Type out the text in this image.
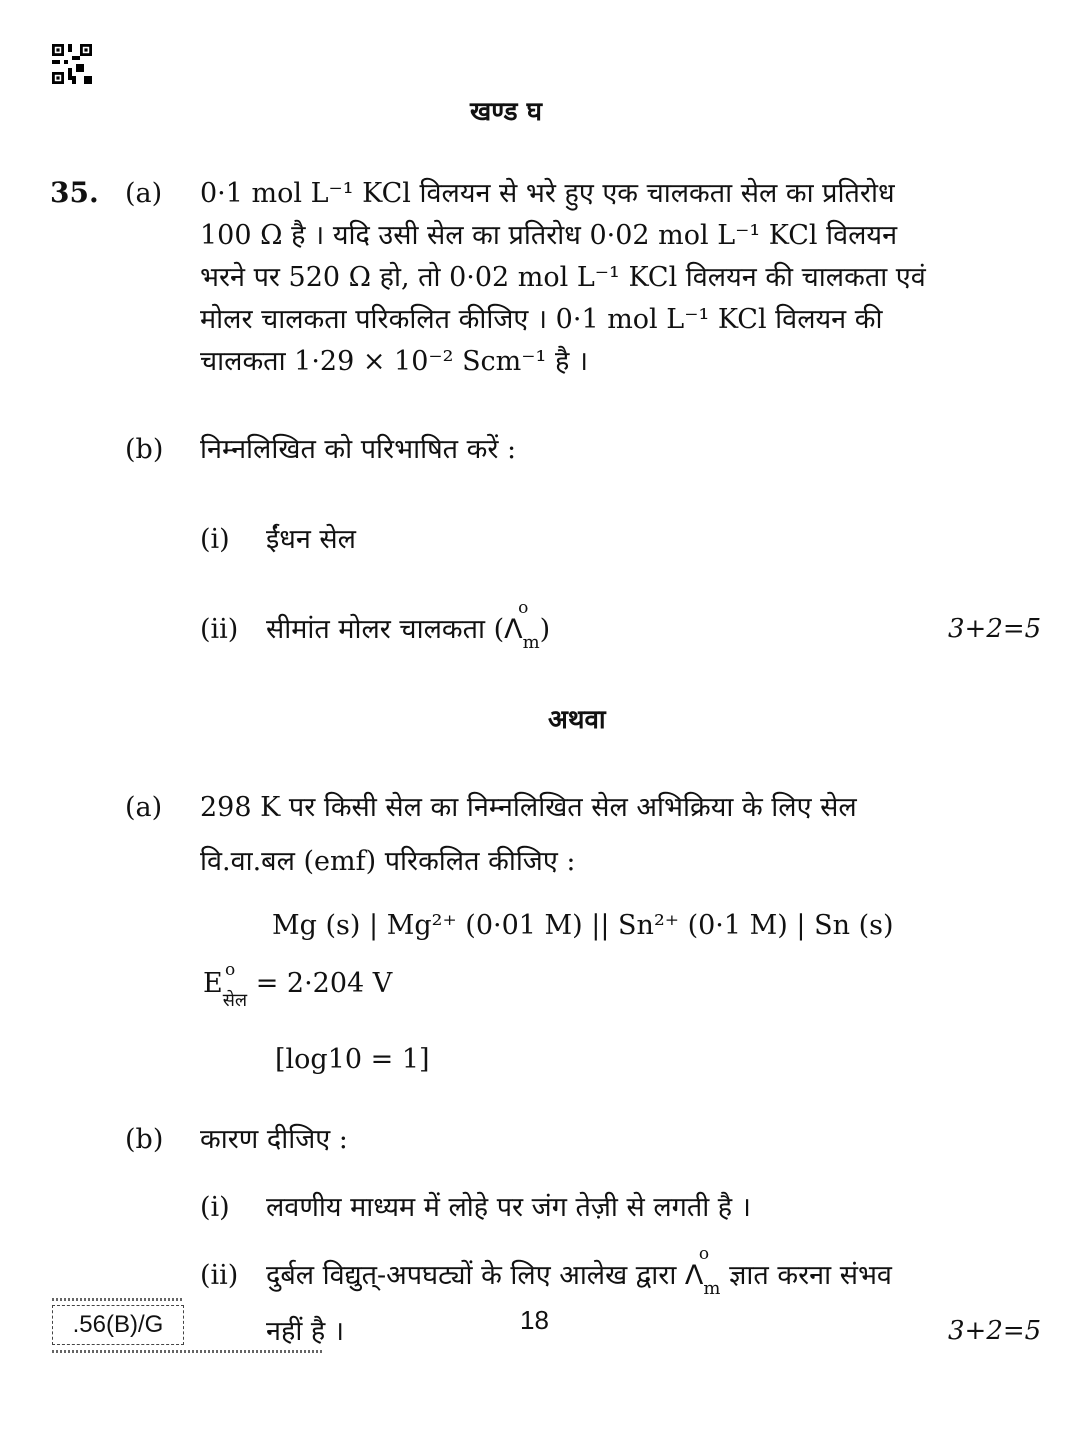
खण्ड घ
35. (a) 0·1 mol L⁻¹ KCl विलयन से भरे हुए एक चालकता सेल का प्रतिरोध
100 Ω है । यदि उसी सेल का प्रतिरोध 0·02 mol L⁻¹ KCl विलयन
भरने पर 520 Ω हो, तो 0·02 mol L⁻¹ KCl विलयन की चालकता एवं
मोलर चालकता परिकलित कीजिए । 0·1 mol L⁻¹ KCl विलयन की
चालकता 1·29 × 10⁻² Scm⁻¹ है ।
(b) निम्नलिखित को परिभाषित करें :
(i) ईंधन सेल
(ii) सीमांत मोलर चालकता (Λ
o
$_m$)	3+2=5
अथवा
(a) 298 K पर किसी सेल का निम्नलिखित सेल अभिक्रिया के लिए सेल
वि.वा.बल (emf) परिकलित कीजिए :
Mg (s) | Mg²⁺ (0·01 M) || Sn²⁺ (0·1 M) | Sn (s)
E o
$_{सेल}$ = 2·204 V
[log10 = 1]
(b) कारण दीजिए :
(i) लवणीय माध्यम में लोहे पर जंग तेज़ी से लगती है ।
(ii) दुर्बल विद्युत्-अपघट्यों के लिए आलेख द्वारा Λ
o
$_m$ ज्ञात करना संभव
नहीं है ।	3+2=5
.56(B)/G	18
